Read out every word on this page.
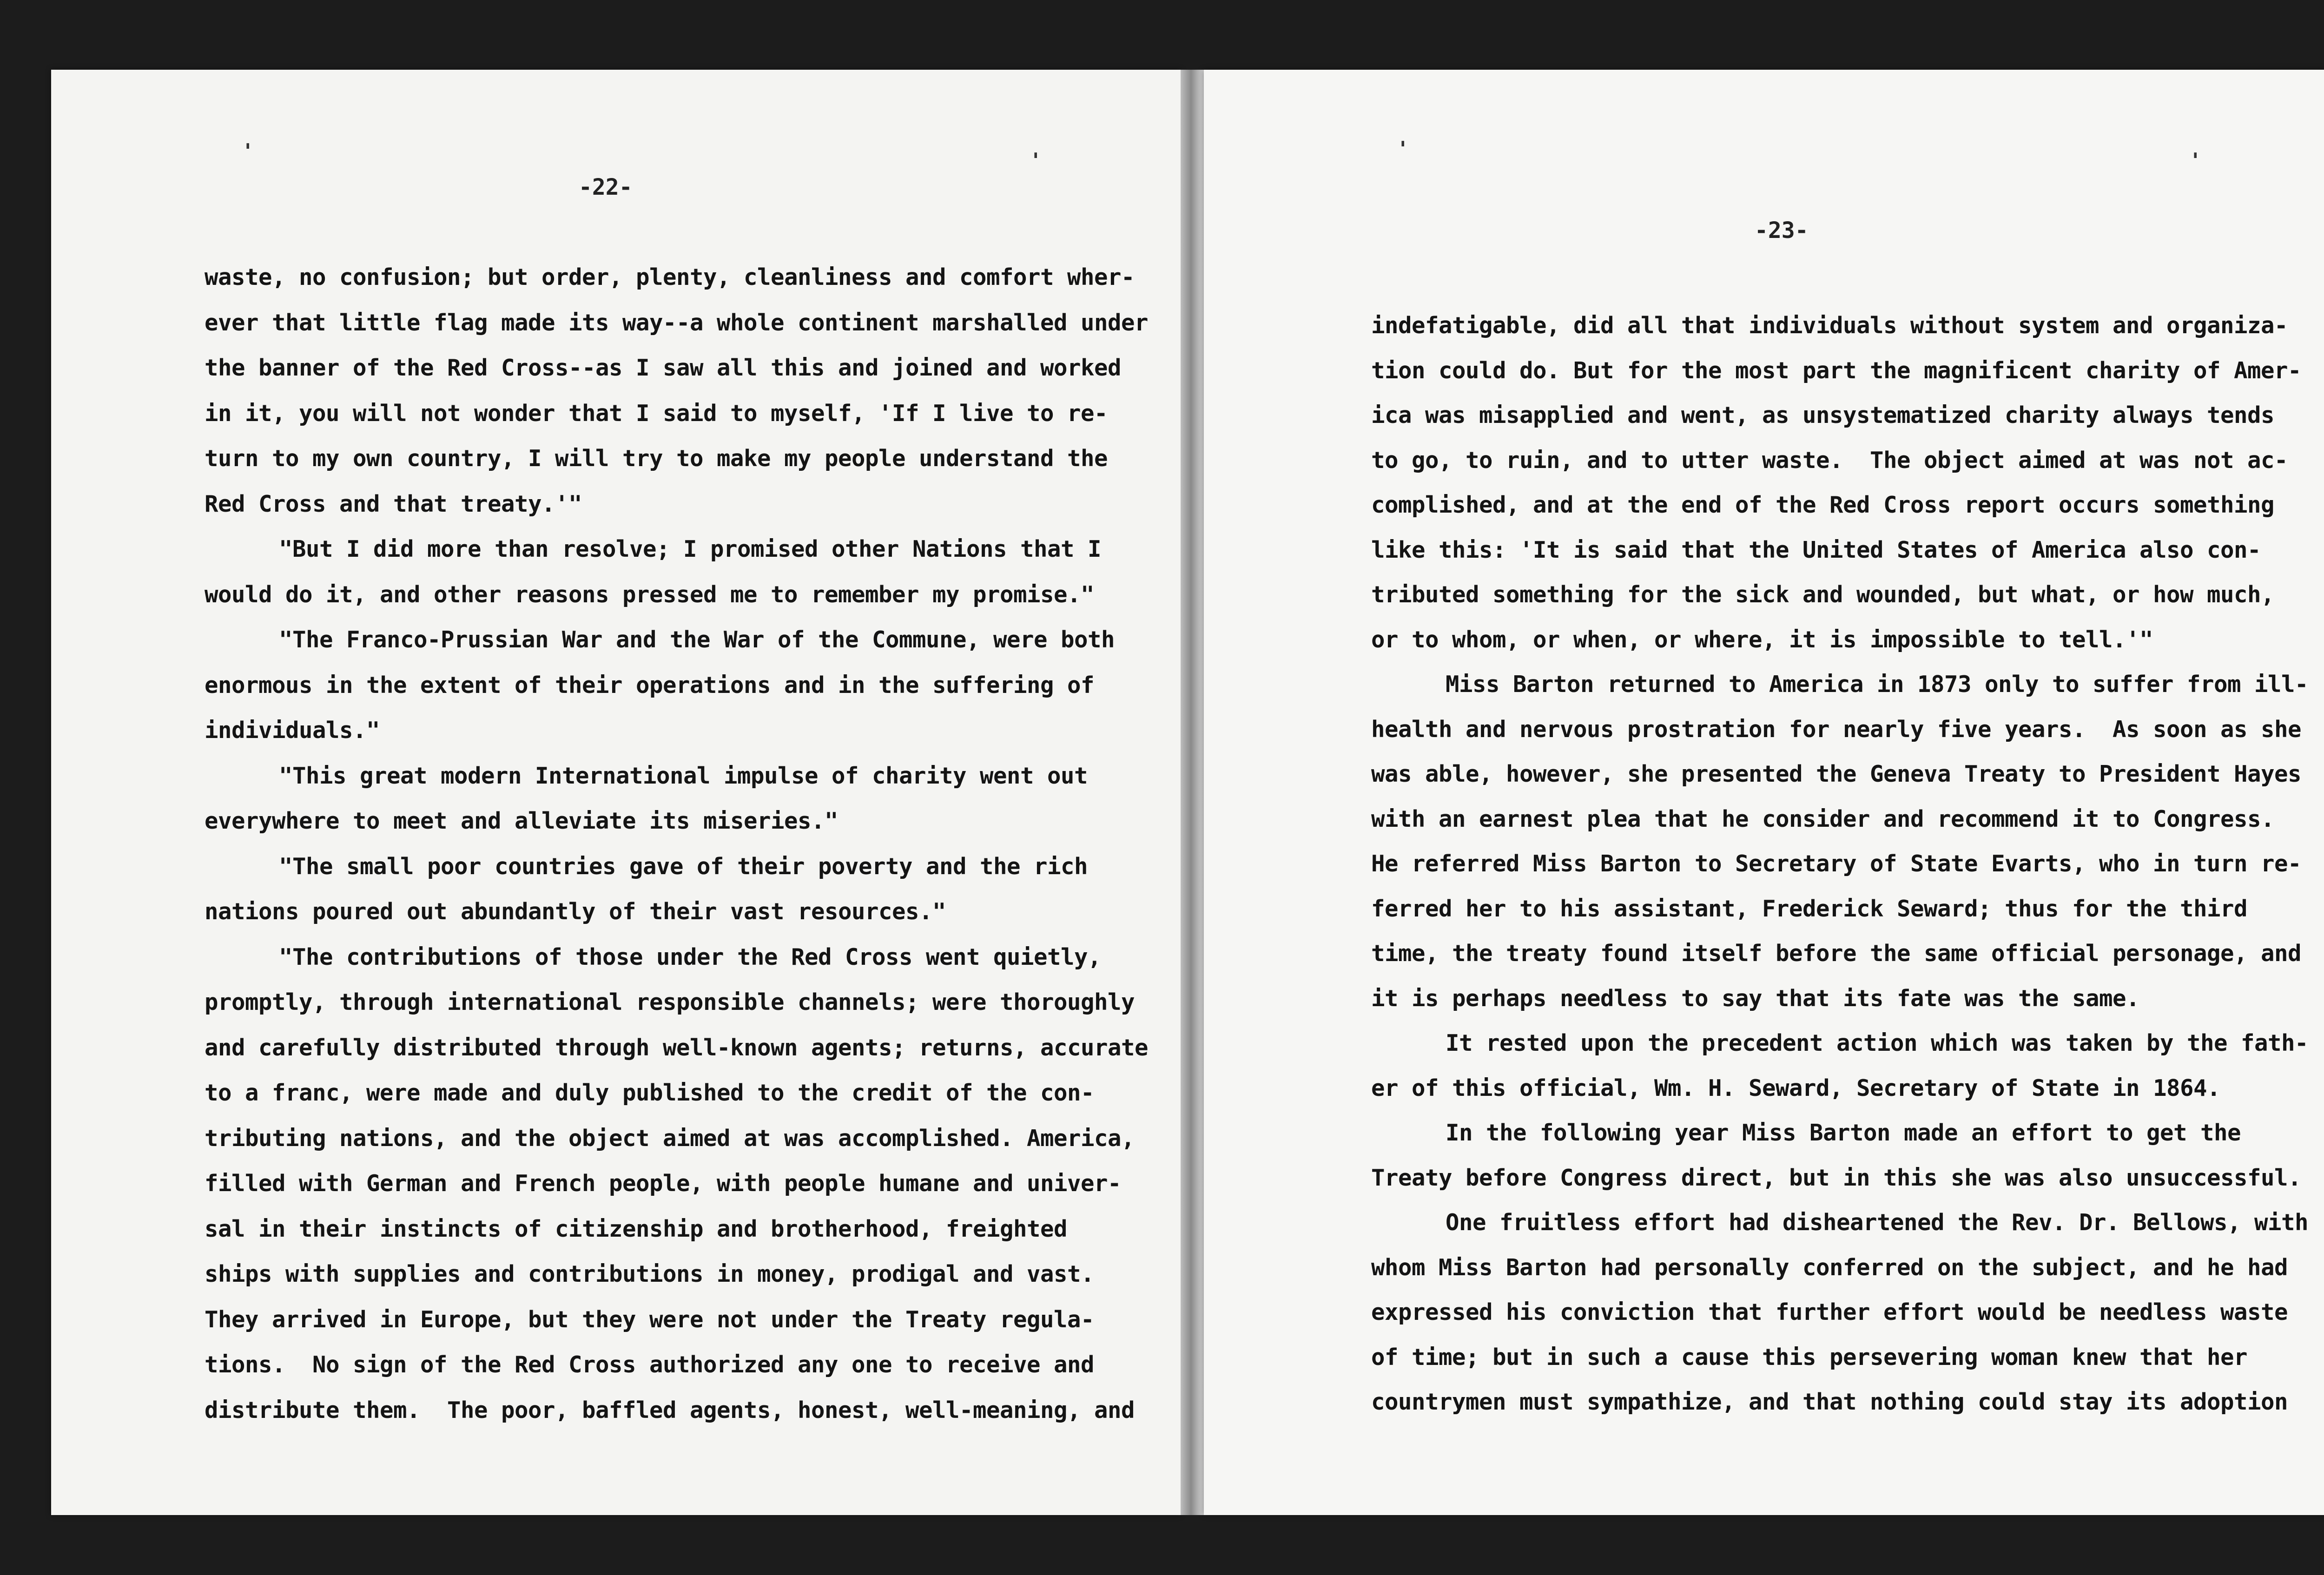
'	'
-22-
'	'
-23-
waste, no confusion; but order, plenty, cleanliness and comfort wher-
ever that little flag made its way--a whole continent marshalled under
the banner of the Red Cross--as I saw all this and joined and worked
in it, you will not wonder that I said to myself, 'If I live to re-
turn to my own country, I will try to make my people understand the
Red Cross and that treaty.'"
"But I did more than resolve; I promised other Nations that I
would do it, and other reasons pressed me to remember my promise."
"The Franco-Prussian War and the War of the Commune, were both
enormous in the extent of their operations and in the suffering of
individuals."
"This great modern International impulse of charity went out
everywhere to meet and alleviate its miseries."
"The small poor countries gave of their poverty and the rich
nations poured out abundantly of their vast resources."
"The contributions of those under the Red Cross went quietly,
promptly, through international responsible channels; were thoroughly
and carefully distributed through well-known agents; returns, accurate
to a franc, were made and duly published to the credit of the con-
tributing nations, and the object aimed at was accomplished. America,
filled with German and French people, with people humane and univer-
sal in their instincts of citizenship and brotherhood, freighted
ships with supplies and contributions in money, prodigal and vast.
They arrived in Europe, but they were not under the Treaty regula-
tions.  No sign of the Red Cross authorized any one to receive and
distribute them.  The poor, baffled agents, honest, well-meaning, and
indefatigable, did all that individuals without system and organiza-
tion could do. But for the most part the magnificent charity of Amer-
ica was misapplied and went, as unsystematized charity always tends
to go, to ruin, and to utter waste.  The object aimed at was not ac-
complished, and at the end of the Red Cross report occurs something
like this: 'It is said that the United States of America also con-
tributed something for the sick and wounded, but what, or how much,
or to whom, or when, or where, it is impossible to tell.'"
Miss Barton returned to America in 1873 only to suffer from ill-
health and nervous prostration for nearly five years.  As soon as she
was able, however, she presented the Geneva Treaty to President Hayes
with an earnest plea that he consider and recommend it to Congress.
He referred Miss Barton to Secretary of State Evarts, who in turn re-
ferred her to his assistant, Frederick Seward; thus for the third
time, the treaty found itself before the same official personage, and
it is perhaps needless to say that its fate was the same.
It rested upon the precedent action which was taken by the fath-
er of this official, Wm. H. Seward, Secretary of State in 1864.
In the following year Miss Barton made an effort to get the
Treaty before Congress direct, but in this she was also unsuccessful.
One fruitless effort had disheartened the Rev. Dr. Bellows, with
whom Miss Barton had personally conferred on the subject, and he had
expressed his conviction that further effort would be needless waste
of time; but in such a cause this persevering woman knew that her
countrymen must sympathize, and that nothing could stay its adoption
